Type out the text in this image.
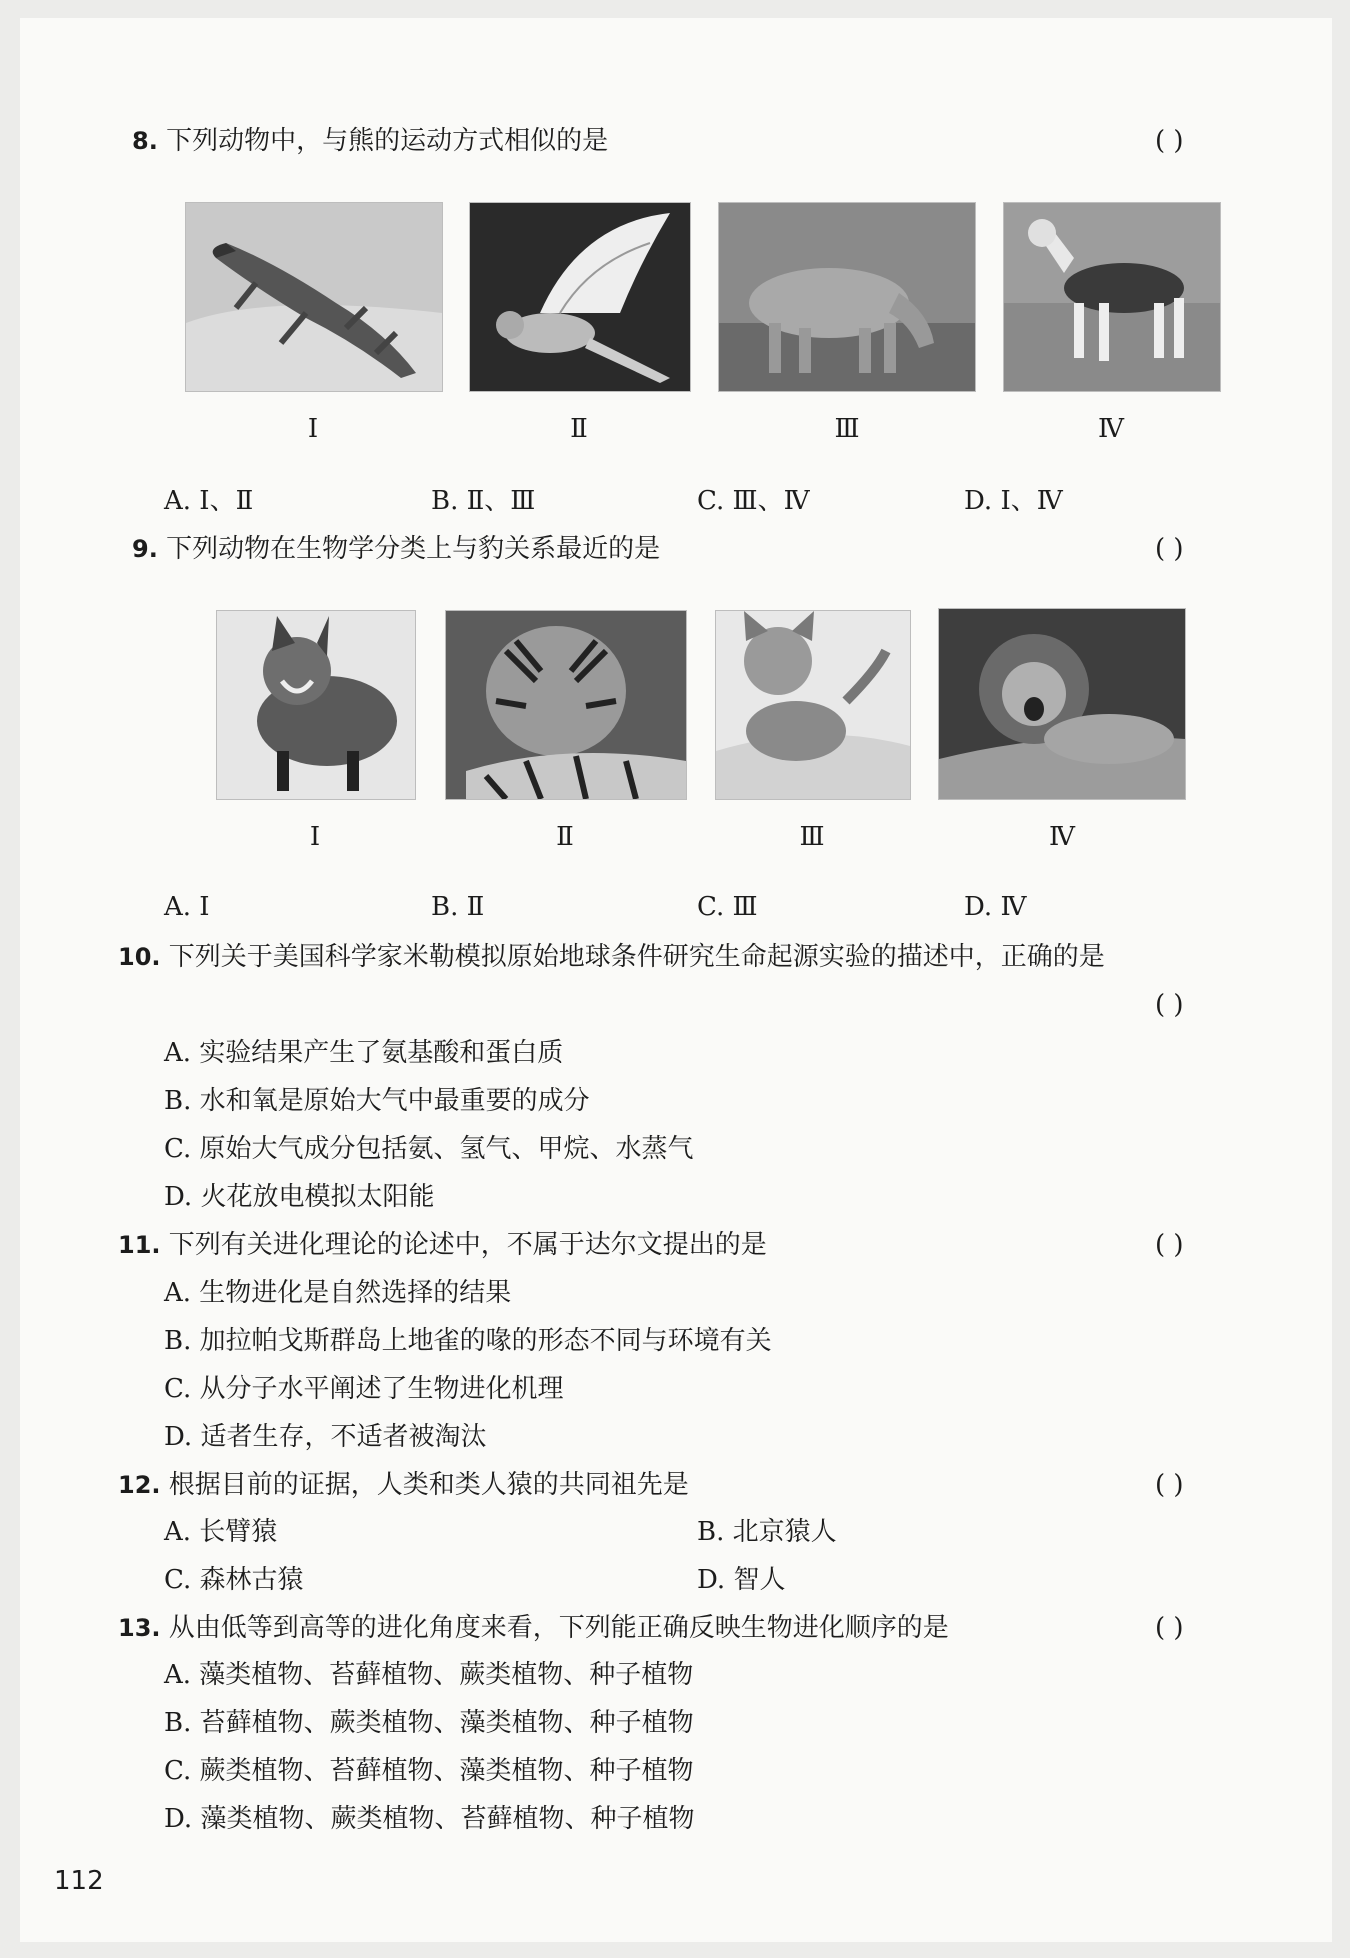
8. 下列动物中，与熊的运动方式相似的是	( )
Ⅰ	Ⅱ	Ⅲ	Ⅳ
A. Ⅰ、Ⅱ	B. Ⅱ、Ⅲ	C. Ⅲ、Ⅳ	D. Ⅰ、Ⅳ
9. 下列动物在生物学分类上与豹关系最近的是	( )
Ⅰ	Ⅱ	Ⅲ	Ⅳ
A. Ⅰ	B. Ⅱ	C. Ⅲ	D. Ⅳ
10. 下列关于美国科学家米勒模拟原始地球条件研究生命起源实验的描述中，正确的是
( )
A. 实验结果产生了氨基酸和蛋白质
B. 水和氧是原始大气中最重要的成分
C. 原始大气成分包括氨、氢气、甲烷、水蒸气
D. 火花放电模拟太阳能
11. 下列有关进化理论的论述中，不属于达尔文提出的是	( )
A. 生物进化是自然选择的结果
B. 加拉帕戈斯群岛上地雀的喙的形态不同与环境有关
C. 从分子水平阐述了生物进化机理
D. 适者生存，不适者被淘汰
12. 根据目前的证据，人类和类人猿的共同祖先是	( )
A. 长臂猿	B. 北京猿人
C. 森林古猿	D. 智人
13. 从由低等到高等的进化角度来看，下列能正确反映生物进化顺序的是	( )
A. 藻类植物、苔藓植物、蕨类植物、种子植物
B. 苔藓植物、蕨类植物、藻类植物、种子植物
C. 蕨类植物、苔藓植物、藻类植物、种子植物
D. 藻类植物、蕨类植物、苔藓植物、种子植物
112
